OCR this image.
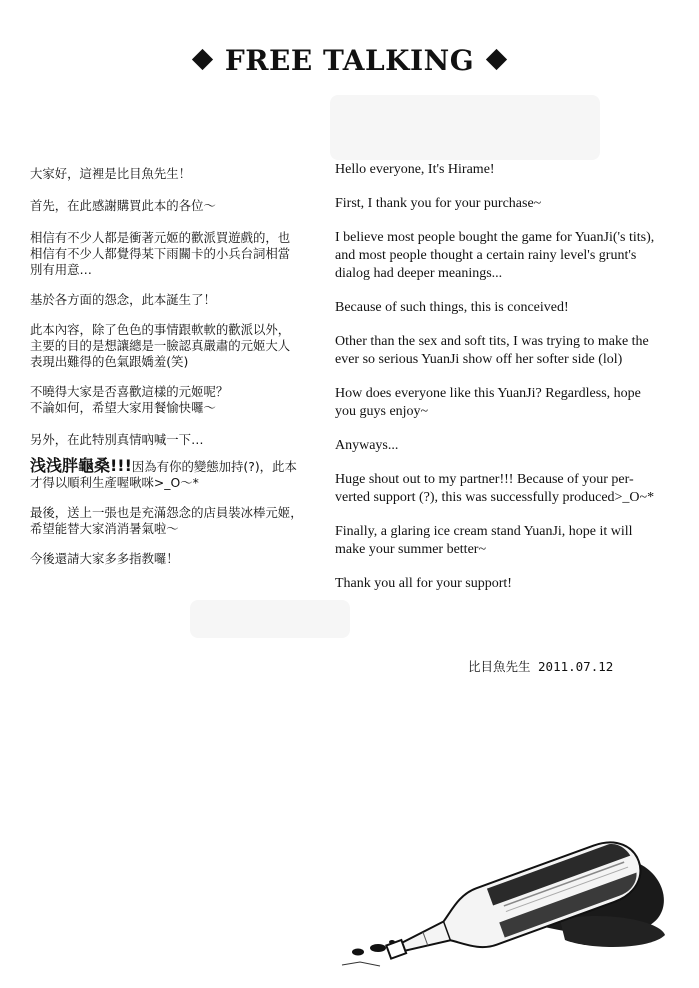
FREE TALKING

大家好，這裡是比目魚先生！

首先，在此感謝購買此本的各位～

相信有不少人都是衝著元姬的歡派買遊戲的，也
相信有不少人都覺得某下雨關卡的小兵台詞相當
別有用意…

基於各方面的怨念，此本誕生了！

此本內容，除了色色的事情跟軟軟的歡派以外，
主要的目的是想讓總是一臉認真嚴肅的元姬大人
表現出難得的色氣跟嬌羞(笑)

不曉得大家是否喜歡這樣的元姬呢？
不論如何，希望大家用餐愉快囉～

另外，在此特別真情吶喊一下…

浅浅胖龜桑!!!因為有你的變態加持(?)，此本

才得以順利生產喔啾咪>_O～*

最後，送上一張也是充滿怨念的店員裝冰棒元姬，
希望能替大家消消暑氣啦～

今後還請大家多多指教囉！

Hello everyone, It's Hirame!

First, I thank you for your purchase~

I believe most people bought the game for YuanJi('s tits),
and most people thought a certain rainy level's grunt's
dialog had deeper meanings...

Because of such things, this is conceived!

Other than the sex and soft tits, I was trying to make the
ever so serious YuanJi show off her softer side (lol)

How does everyone like this YuanJi? Regardless, hope
you guys enjoy~

Anyways...

Huge shout out to my partner!!! Because of your per-
verted support (?), this was successfully produced>_O~*

Finally, a glaring ice cream stand YuanJi, hope it will
make your summer better~

Thank you all for your support!

比目魚先生 2011.07.12
